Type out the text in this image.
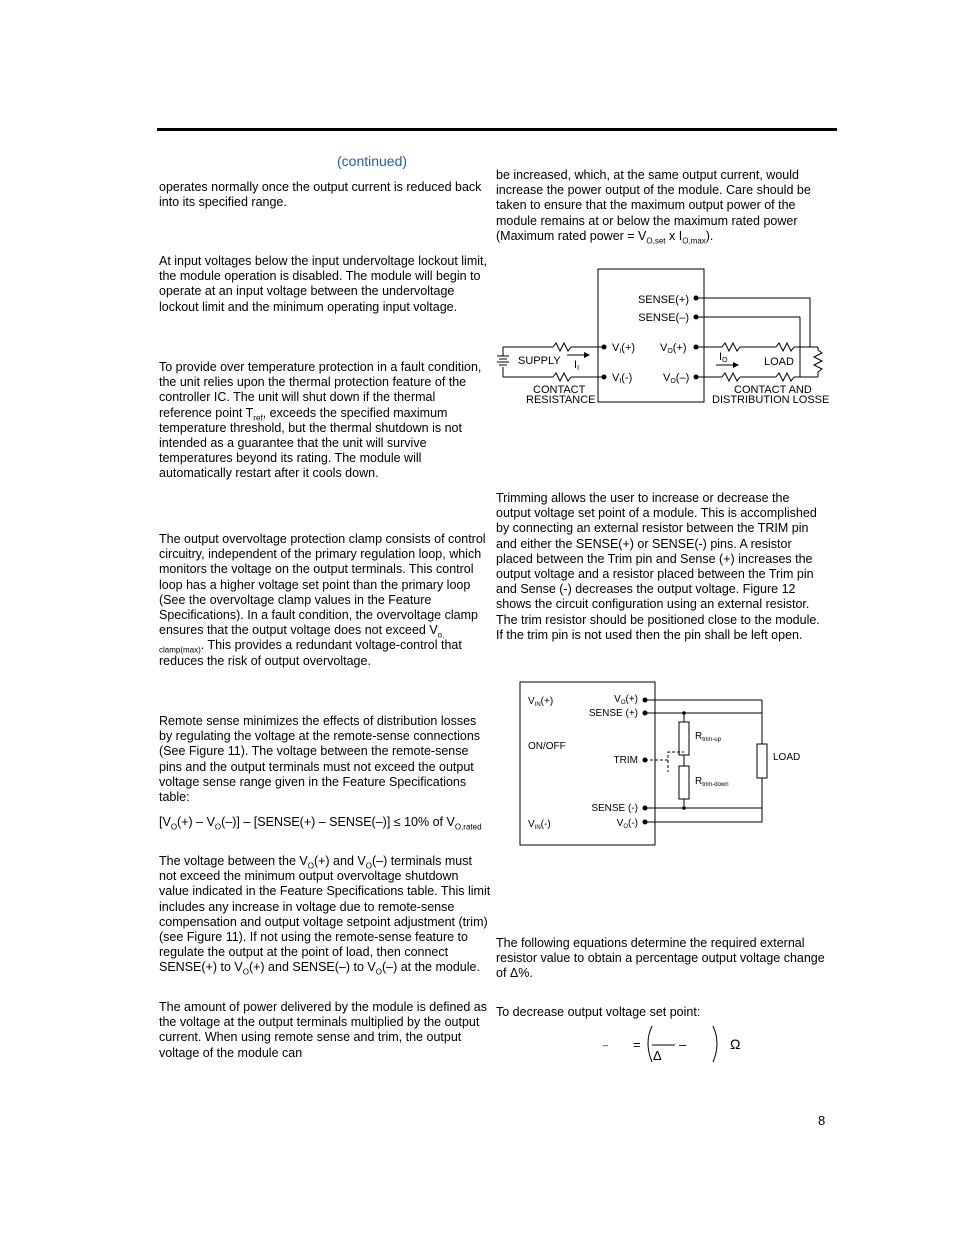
(continued)

operates normally once the output current is reduced back into its specified range.

At input voltages below the input undervoltage lockout limit, the module operation is disabled. The module will begin to operate at an input voltage between the undervoltage lockout limit and the minimum operating input voltage.

To provide over temperature protection in a fault condition, the unit relies upon the thermal protection feature of the controller IC. The unit will shut down if the thermal reference point $T_{ref}$, exceeds the specified maximum temperature threshold, but the thermal shutdown is not intended as a guarantee that the unit will survive temperatures beyond its rating. The module will automatically restart after it cools down.

The output overvoltage protection clamp consists of control circuitry, independent of the primary regulation loop, which monitors the voltage on the output terminals. This control loop has a higher voltage set point than the primary loop (See the overvoltage clamp values in the Feature Specifications). In a fault condition, the overvoltage clamp ensures that the output voltage does not exceed $V_{o, clamp(max)}$. This provides a redundant voltage-control that reduces the risk of output overvoltage.

Remote sense minimizes the effects of distribution losses by regulating the voltage at the remote-sense connections (See Figure 11). The voltage between the remote-sense pins and the output terminals must not exceed the output voltage sense range given in the Feature Specifications table:

$[V_O(+) - V_O(-)]$ – [SENSE(+) – SENSE(–)] ≤ 10% of $V_{O,rated}$

The voltage between the $V_O(+)$ and $V_O(-)$ terminals must not exceed the minimum output overvoltage shutdown value indicated in the Feature Specifications table. This limit includes any increase in voltage due to remote-sense compensation and output voltage setpoint adjustment (trim) (see Figure 11). If not using the remote-sense feature to regulate the output at the point of load, then connect SENSE(+) to $V_O(+)$ and SENSE(–) to $V_O(-)$ at the module.

The amount of power delivered by the module is defined as the voltage at the output terminals multiplied by the output current. When using remote sense and trim, the output voltage of the module can

be increased, which, at the same output current, would increase the power output of the module. Care should be taken to ensure that the maximum output power of the module remains at or below the maximum rated power (Maximum rated power = $V_{O,set}$ x $I_{O,max}$).

Trimming allows the user to increase or decrease the output voltage set point of a module. This is accomplished by connecting an external resistor between the TRIM pin and either the SENSE(+) or SENSE(-) pins. A resistor placed between the Trim pin and Sense (+) increases the output voltage and a resistor placed between the Trim pin and Sense (-) decreases the output voltage. Figure 12 shows the circuit configuration using an external resistor. The trim resistor should be positioned close to the module. If the trim pin is not used then the pin shall be left open.

The following equations determine the required external resistor value to obtain a percentage output voltage change of Δ%.

To decrease output voltage set point:

SENSE(+)
SENSE(–)
SUPPLY II
VI(+)
VI(-)
VO(+)
VO(–)
IO	LOAD
CONTACT
RESISTANCE
CONTACT AND
DISTRIBUTION LOSSE
$V_{IN}(+)$
ON/OFF
$V_{IN}(-)$
$V_O(+)$
SENSE (+)
TRIM
SENSE (-)
$V_O(-)$
$R_{trim-up}$
$R_{trim-down}$
LOAD
– =	–
Δ
Ω
8
